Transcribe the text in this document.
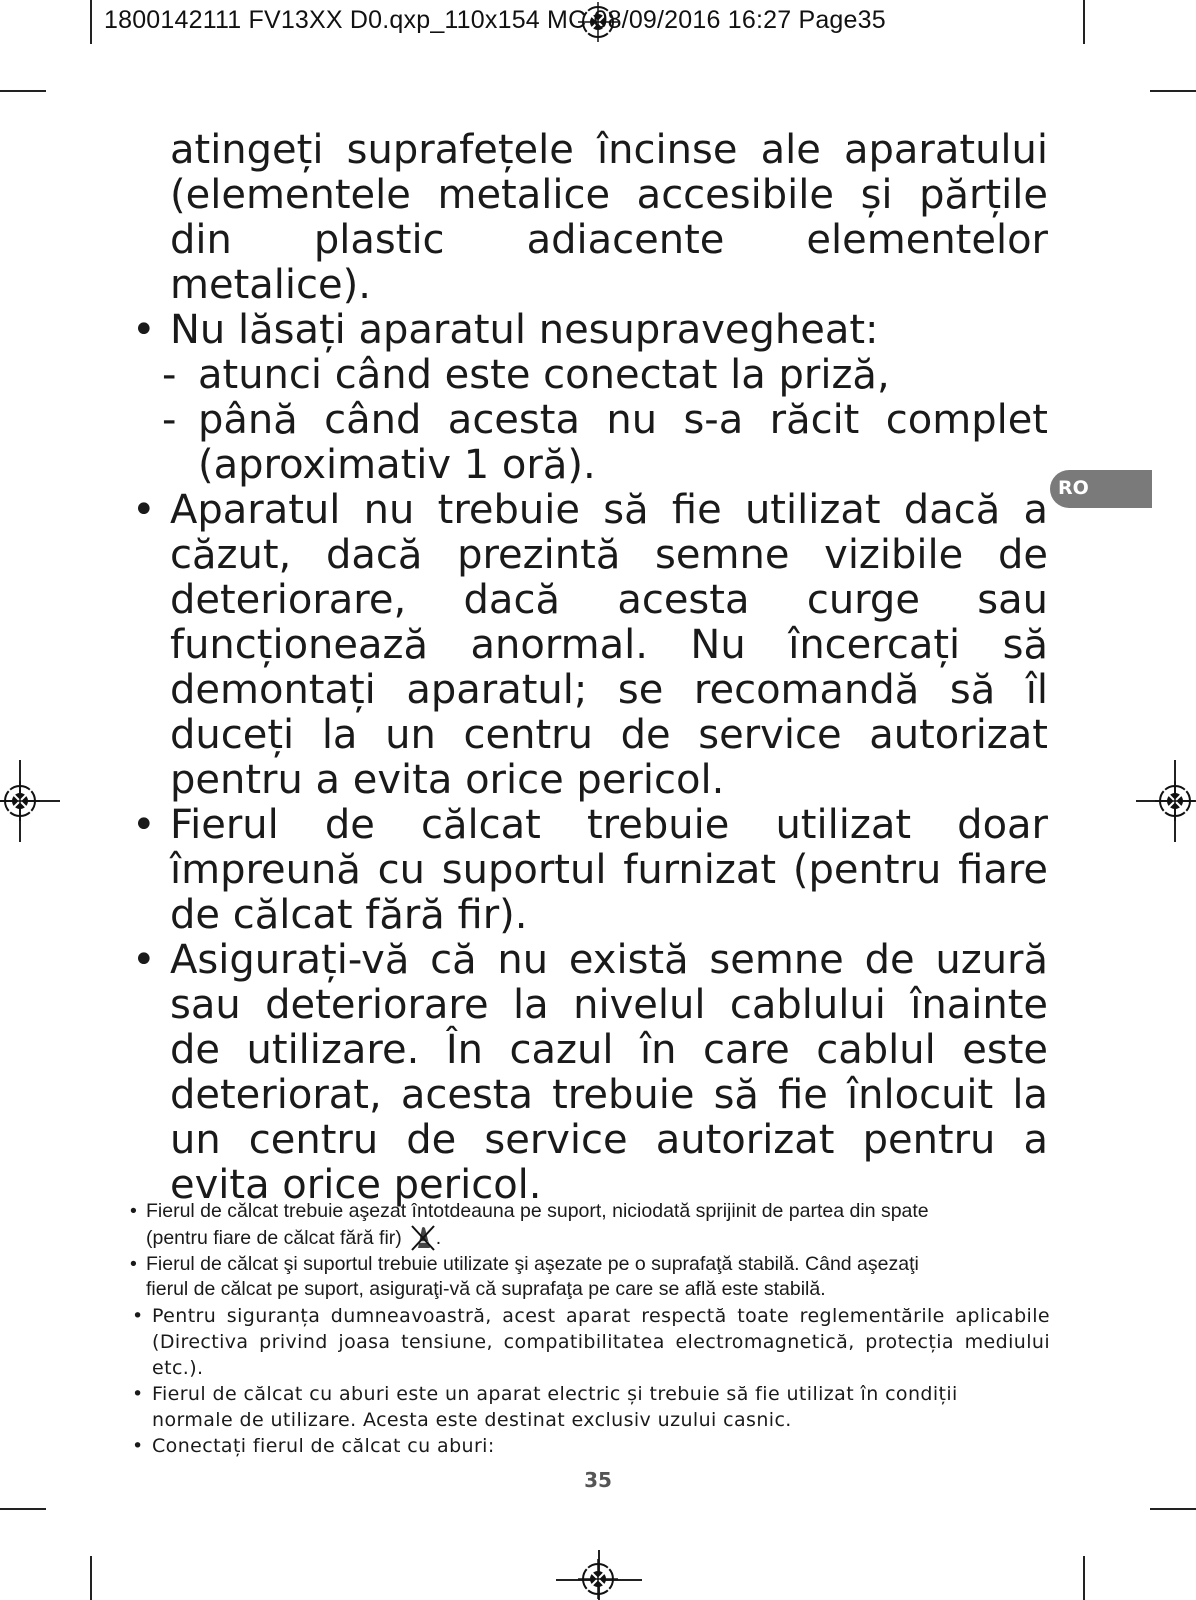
1800142111 FV13XX D0.qxp_110x154 MC 08/09/2016 16:27 Page35
RO
atingeți suprafețele încinse ale aparatului (elementele metalice accesibile și părțile din plastic adiacente elementelor metalice).
• Nu lăsați aparatul nesupravegheat:
- atunci când este conectat la priză,
- până când acesta nu s-a răcit complet (aproximativ 1 oră).
• Aparatul nu trebuie să fie utilizat dacă a căzut, dacă prezintă semne vizibile de deteriorare, dacă acesta curge sau funcționează anormal. Nu încercați să demontați aparatul; se recomandă să îl duceți la un centru de service autorizat pentru a evita orice pericol.
• Fierul de călcat trebuie utilizat doar împreună cu suportul furnizat (pentru fiare de călcat fără fir).
• Asigurați-vă că nu există semne de uzură sau deteriorare la nivelul cablului înainte de utilizare. În cazul în care cablul este deteriorat, acesta trebuie să fie înlocuit la un centru de service autorizat pentru a evita orice pericol.
• Fierul de călcat trebuie aşezat întotdeauna pe suport, niciodată sprijinit de partea din spate
(pentru fiare de călcat fără fir) .
• Fierul de călcat şi suportul trebuie utilizate şi aşezate pe o suprafaţă stabilă. Când aşezaţi
fierul de călcat pe suport, asiguraţi-vă că suprafaţa pe care se află este stabilă.
• Pentru siguranța dumneavoastră, acest aparat respectă toate reglementările aplicabile (Directiva privind joasa tensiune, compatibilitatea electromagnetică, protecția mediului etc.).
• Fierul de călcat cu aburi este un aparat electric și trebuie să fie utilizat în condiții
normale de utilizare. Acesta este destinat exclusiv uzului casnic.
• Conectați fierul de călcat cu aburi:
35
